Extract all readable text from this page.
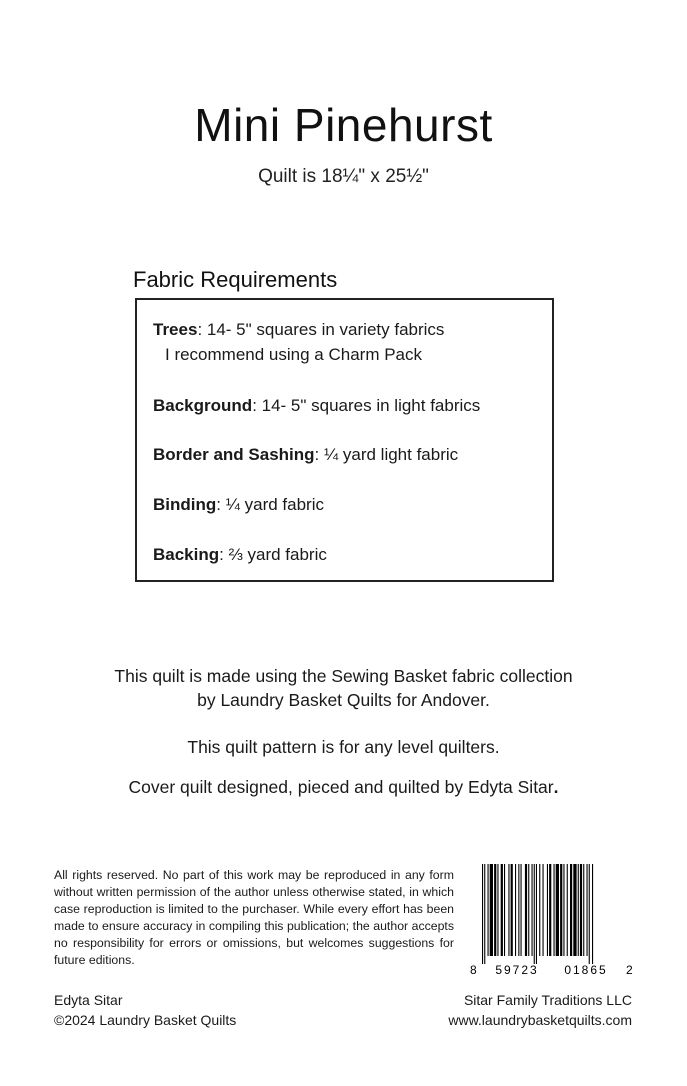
Mini Pinehurst
Quilt is 18¼" x 25½"
Fabric Requirements
Trees: 14- 5" squares in variety fabrics
I recommend using a Charm Pack
Background: 14- 5" squares in light fabrics
Border and Sashing: ¼ yard light fabric
Binding: ¼ yard fabric
Backing: ⅔ yard fabric
This quilt is made using the Sewing Basket fabric collection
by Laundry Basket Quilts for Andover.
This quilt pattern is for any level quilters.
Cover quilt designed, pieced and quilted by Edyta Sitar.
All rights reserved. No part of this work may be reproduced in any form without written permission of the author unless otherwise stated, in which case reproduction is limited to the purchaser. While every effort has been made to ensure accuracy in compiling this publication; the author accepts no responsibility for errors or omissions, but welcomes suggestions for future editions.
8 59723 01865 2
Edyta Sitar
©2024 Laundry Basket Quilts
Sitar Family Traditions LLC
www.laundrybasketquilts.com
